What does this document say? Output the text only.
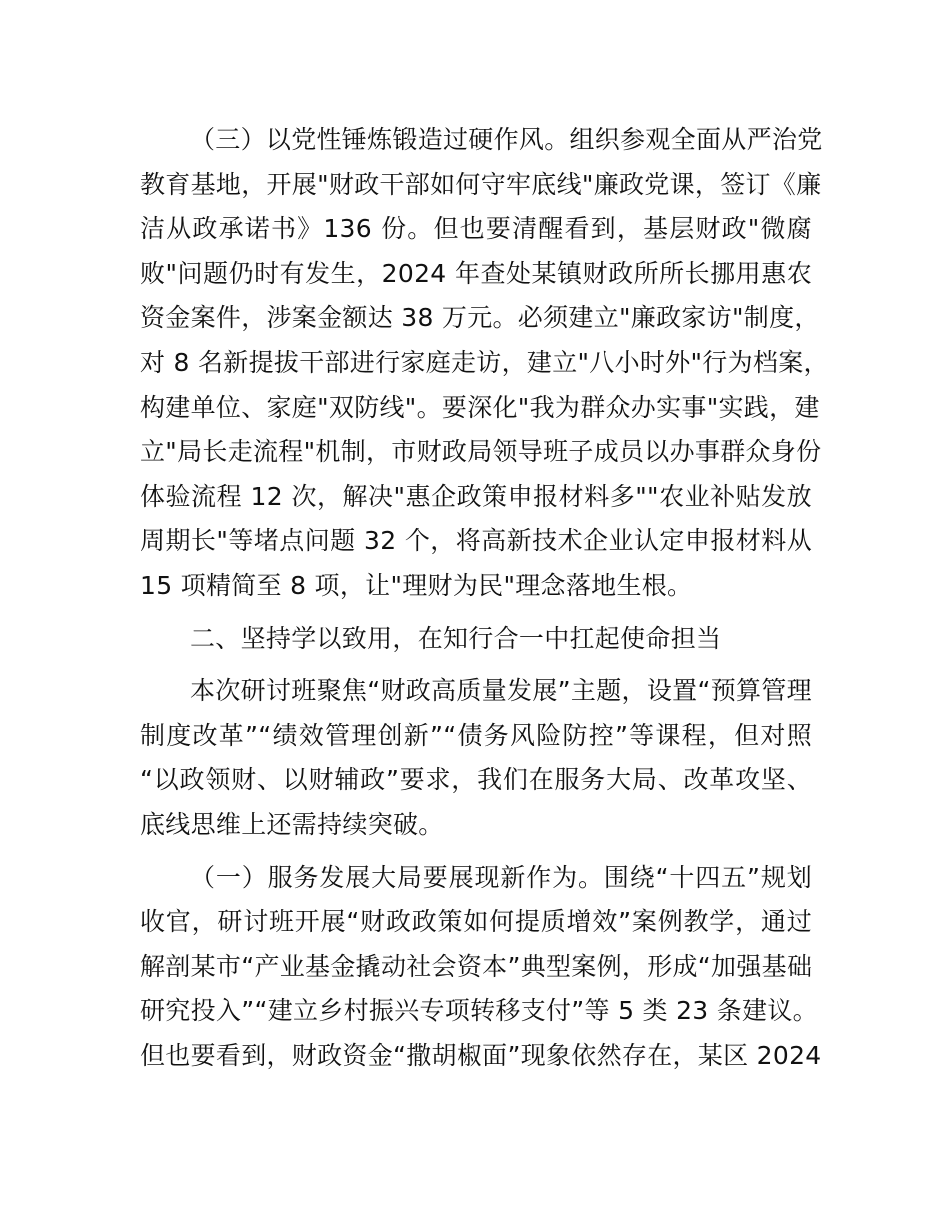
（三）以党性锤炼锻造过硬作风。组织参观全面从严治党
教育基地，开展"财政干部如何守牢底线"廉政党课，签订《廉
洁从政承诺书》136 份。但也要清醒看到，基层财政"微腐
败"问题仍时有发生，2024 年查处某镇财政所所长挪用惠农
资金案件，涉案金额达 38 万元。必须建立"廉政家访"制度，
对 8 名新提拔干部进行家庭走访，建立"八小时外"行为档案，
构建单位、家庭"双防线"。要深化"我为群众办实事"实践，建
立"局长走流程"机制，市财政局领导班子成员以办事群众身份
体验流程 12 次，解决"惠企政策申报材料多""农业补贴发放
周期长"等堵点问题 32 个，将高新技术企业认定申报材料从
15 项精简至 8 项，让"理财为民"理念落地生根。
二、坚持学以致用，在知行合一中扛起使命担当
本次研讨班聚焦“财政高质量发展”主题，设置“预算管理
制度改革”“绩效管理创新”“债务风险防控”等课程，但对照
“以政领财、以财辅政”要求，我们在服务大局、改革攻坚、
底线思维上还需持续突破。
（一）服务发展大局要展现新作为。围绕“十四五”规划
收官，研讨班开展“财政政策如何提质增效”案例教学，通过
解剖某市“产业基金撬动社会资本”典型案例，形成“加强基础
研究投入”“建立乡村振兴专项转移支付”等 5 类 23 条建议。
但也要看到，财政资金“撒胡椒面”现象依然存在，某区 2024
